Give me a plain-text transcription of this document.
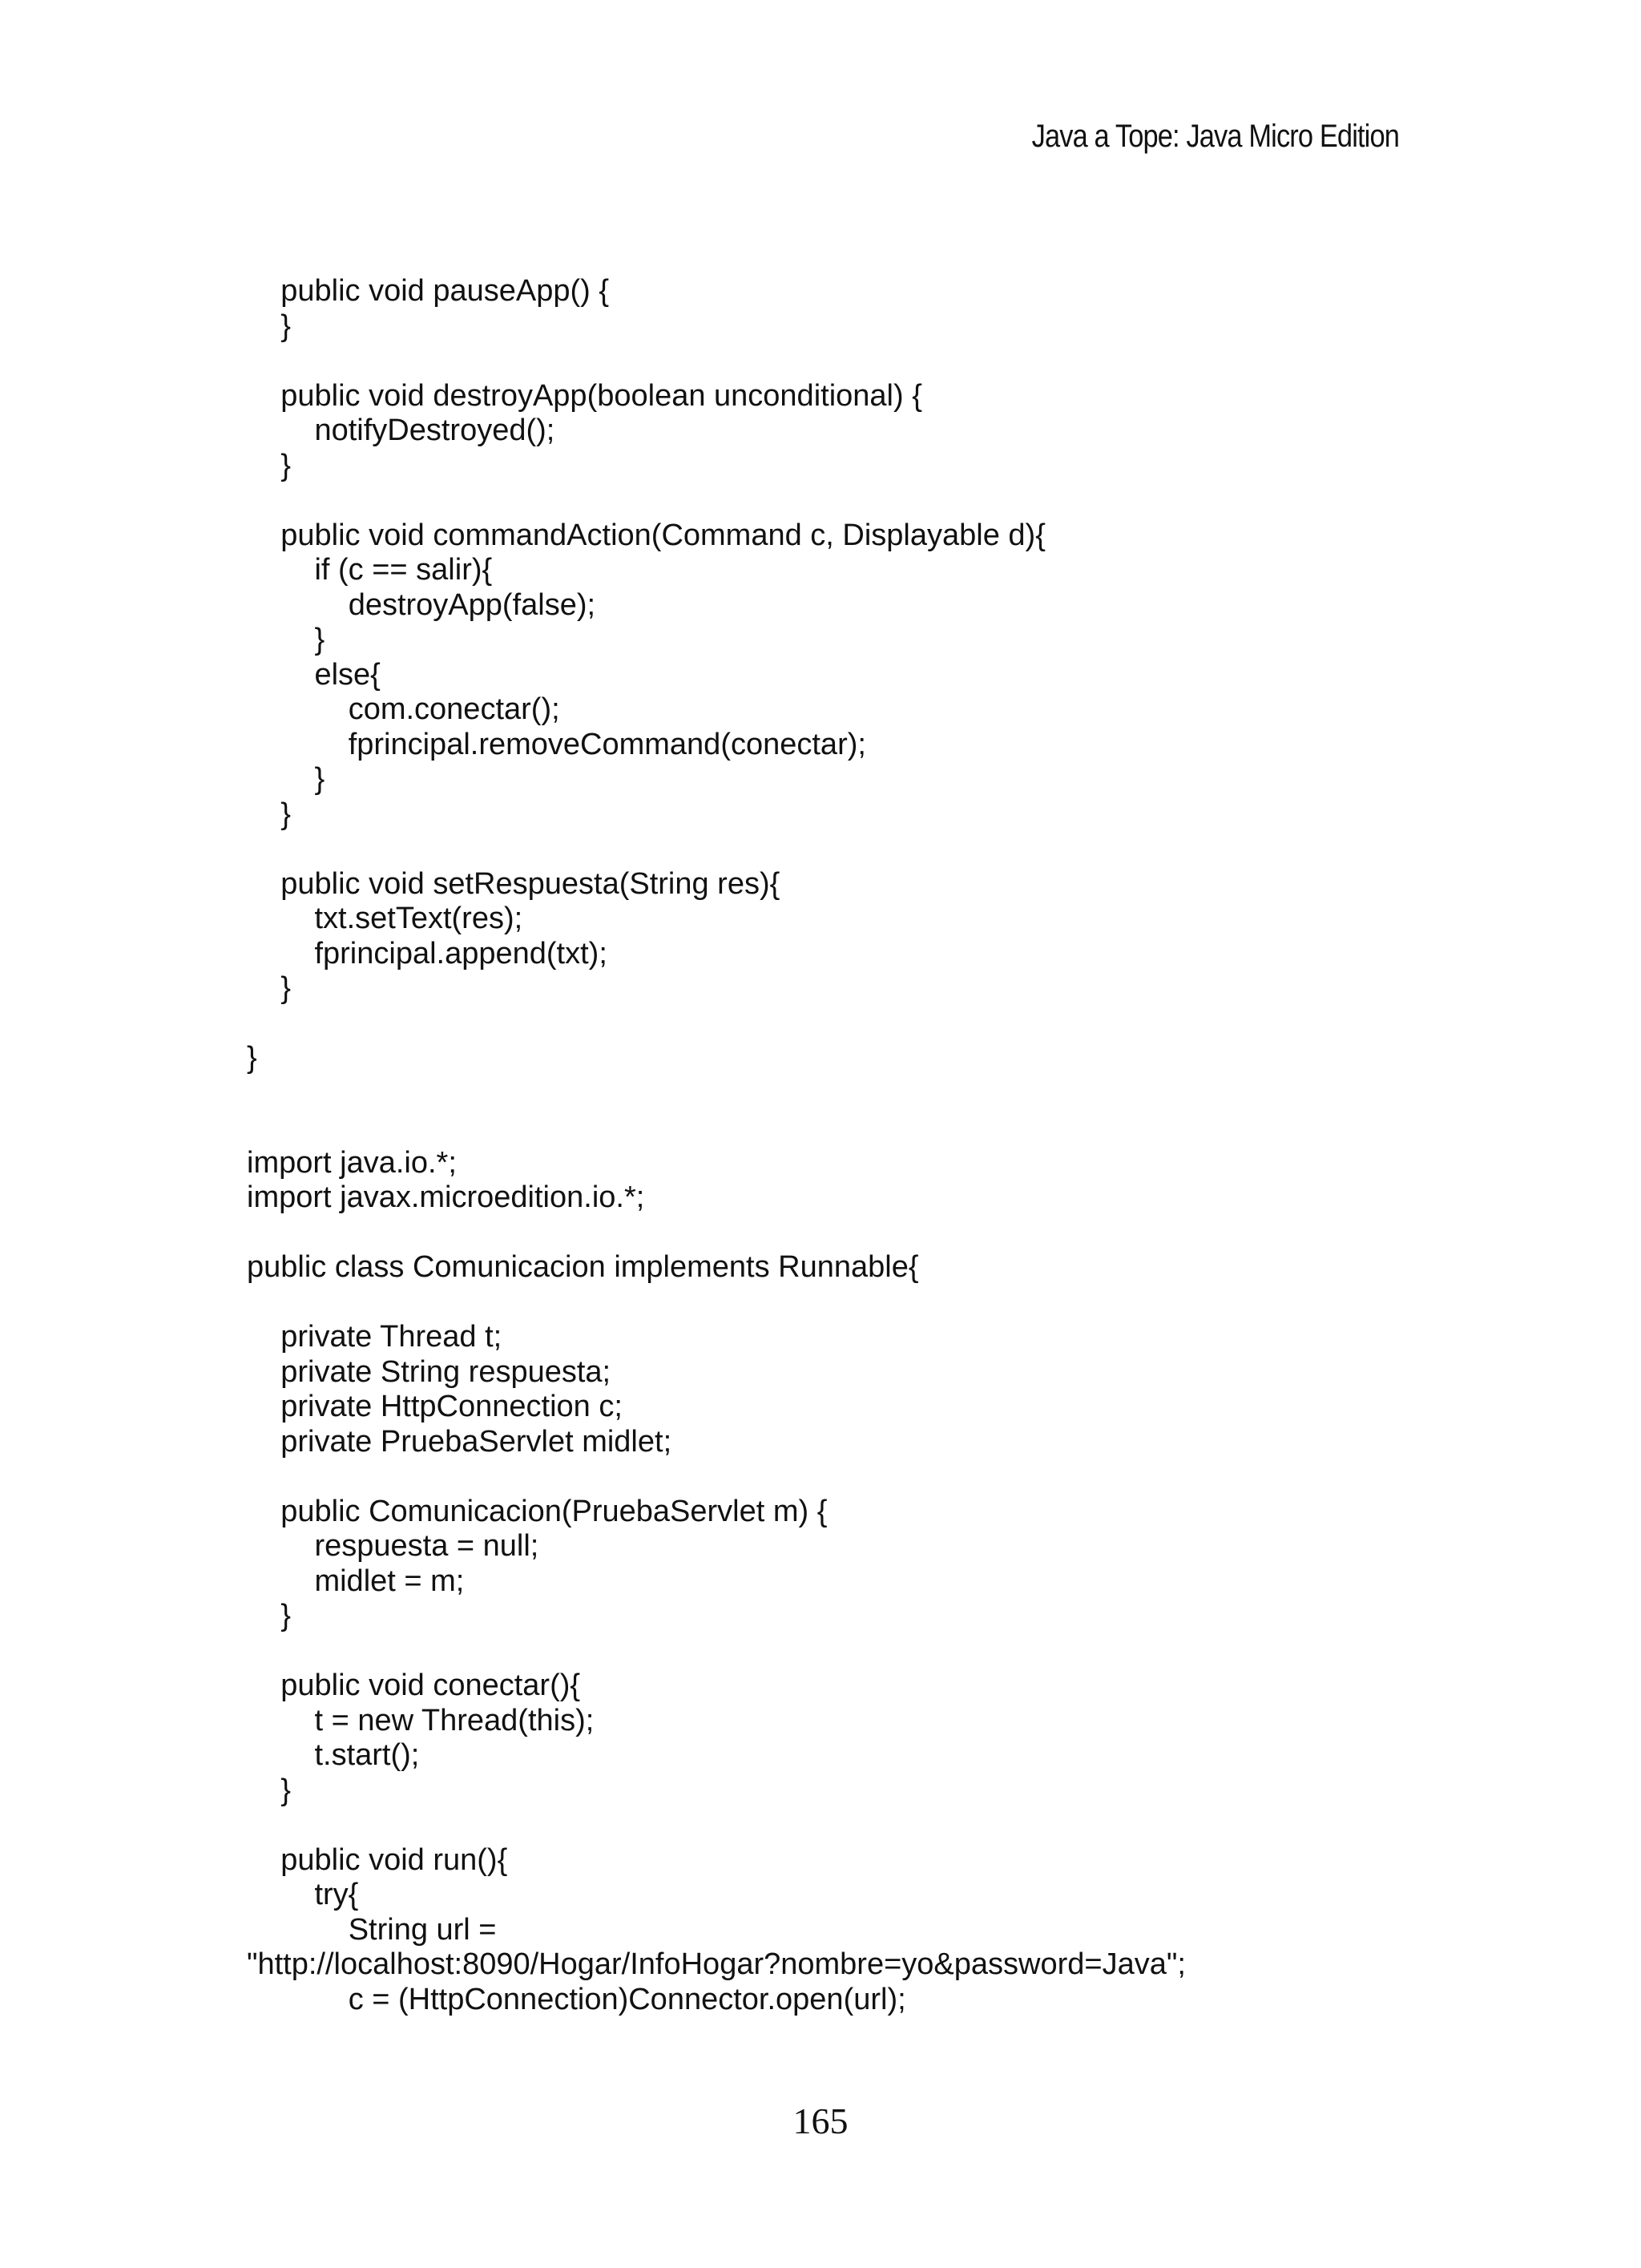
Java a Tope: Java Micro Edition
public void pauseApp() {
}
public void destroyApp(boolean unconditional) {
notifyDestroyed();
}
public void commandAction(Command c, Displayable d){
if (c == salir){
destroyApp(false);
}
else{
com.conectar();
fprincipal.removeCommand(conectar);
}
}
public void setRespuesta(String res){
txt.setText(res);
fprincipal.append(txt);
}
}
import java.io.*;
import javax.microedition.io.*;
public class Comunicacion implements Runnable{
private Thread t;
private String respuesta;
private HttpConnection c;
private PruebaServlet midlet;
public Comunicacion(PruebaServlet m) {
respuesta = null;
midlet = m;
}
public void conectar(){
t = new Thread(this);
t.start();
}
public void run(){
try{
String url =
"http://localhost:8090/Hogar/InfoHogar?nombre=yo&password=Java";
c = (HttpConnection)Connector.open(url);
165
